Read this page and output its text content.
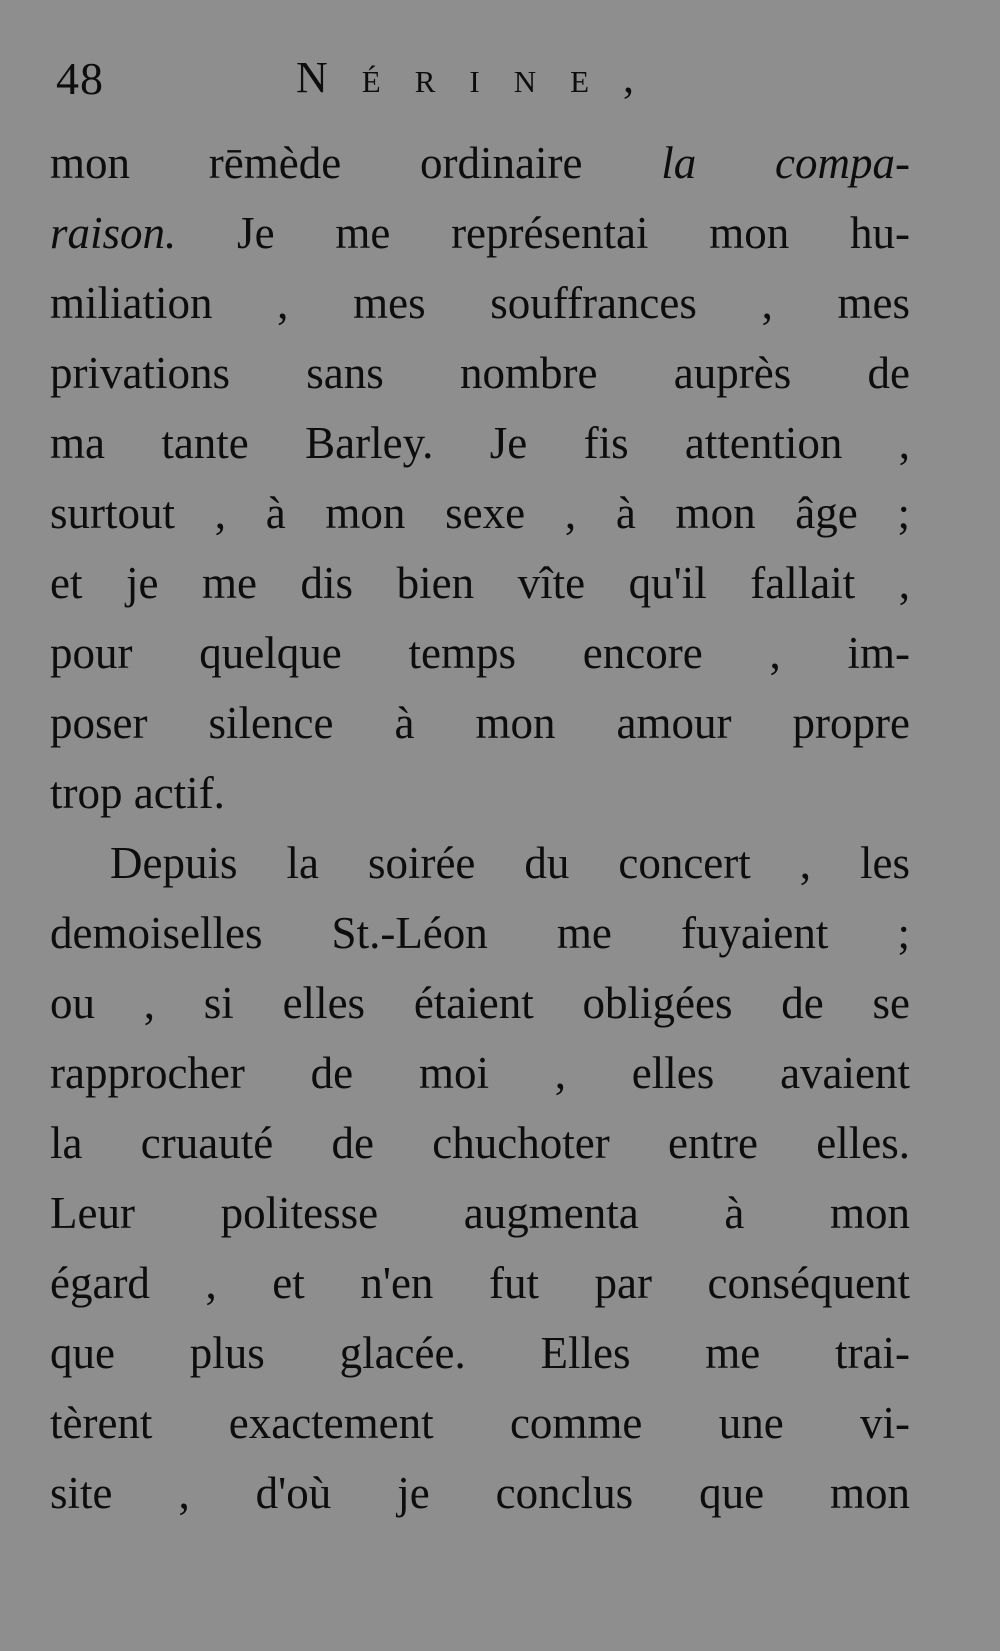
48	Nérine,
mon rēmède ordinaire la compa-
raison. Je me représentai mon hu-
miliation , mes souffrances , mes
privations sans nombre auprès de
ma tante Barley. Je fis attention ,
surtout , à mon sexe , à mon âge ;
et je me dis bien vîte qu'il fallait ,
pour quelque temps encore , im-
poser silence à mon amour propre
trop actif.
Depuis la soirée du concert , les
demoiselles St.-Léon me fuyaient ;
ou , si elles étaient obligées de se
rapprocher de moi , elles avaient
la cruauté de chuchoter entre elles.
Leur politesse augmenta à mon
égard , et n'en fut par conséquent
que plus glacée. Elles me trai-
tèrent exactement comme une vi-
site , d'où je conclus que mon
